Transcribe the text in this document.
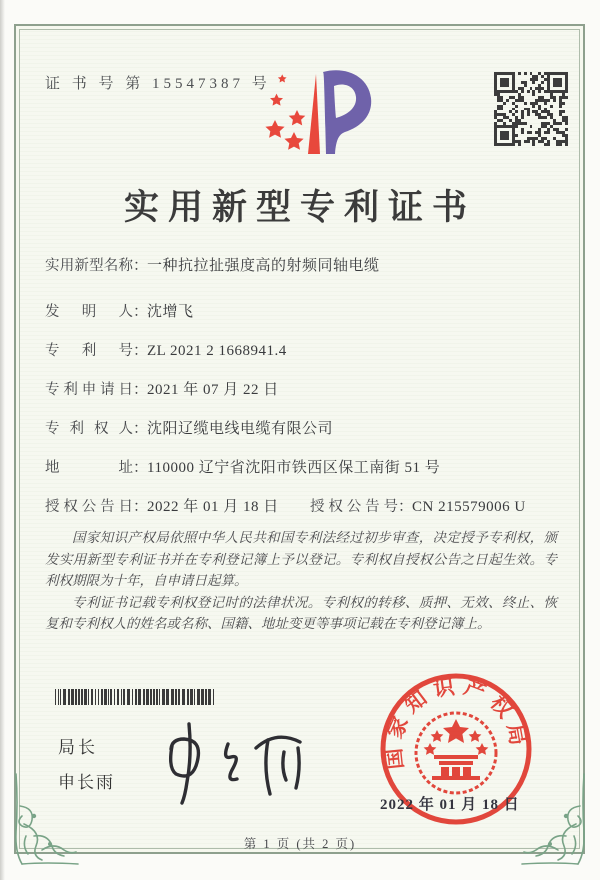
证 书 号 第 15547387 号
实用新型专利证书
实用新型名称：一种抗拉扯强度高的射频同轴电缆
发 明 人：沈增飞
专 利 号：ZL 2021 2 1668941.4
专利申请日：2021 年 07 月 22 日
专 利 权 人：沈阳辽缆电线电缆有限公司
地 址：110000 辽宁省沈阳市铁西区保工南街 51 号
授权公告日：2022 年 01 月 18 日 授权公告号：CN 215579006 U

国家知识产权局依照中华人民共和国专利法经过初步审查，决定授予专利权，颁发实用新型专利证书并在专利登记簿上予以登记。专利权自授权公告之日起生效。专利权期限为十年，自申请日起算。

专利证书记载专利权登记时的法律状况。专利权的转移、质押、无效、终止、恢复和专利权人的姓名或名称、国籍、地址变更等事项记载在专利登记簿上。

局长
申长雨
国家知识产权局
2022 年 01 月 18 日
第 1 页 (共 2 页)
